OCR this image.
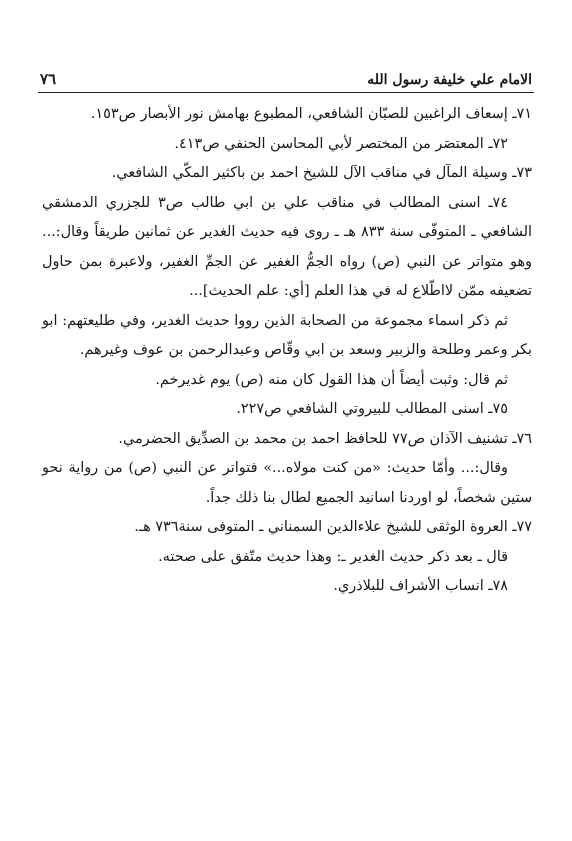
الامام علي خليفة رسول الله
٧٦

٧١ـ إسعاف الراغبين للصبّان الشافعي، المطبوع بهامش نور الأبصار ص١٥٣.

٧٢ـ المعتصَر من المختصر لأبي المحاسن الحنفي ص٤١٣.

٧٣ـ وسيلة المآل في مناقب الآل للشيخ احمد بن باكثير المكّي الشافعي.

٧٤ـ اسنى المطالب في مناقب علي بن ابي طالب ص٣ للجزري الدمشقي الشافعي ـ المتوفّى سنة ٨٣٣ هـ ـ روى فيه حديث الغدير عن ثمانين طريقاً وقال:... وهو متواتر عن النبي (ص) رواه الجمُّ الغفير عن الجمِّ الغفير، ولاعبرة بمن حاول تضعيفه ممّن لااطّلاع له في هذا العلم [أي: علم الحديث]...

ثم ذكر اسماء مجموعة من الصحابة الذين رووا حديث الغدير، وفي طليعتهم: ابو بكر وعمر وطلحة والزبير وسعد بن ابي وقّاص وعبدالرحمن بن عوف وغيرهم.

ثم قال: وثبت أيضاً أن هذا القول كان منه (ص) يوم غديرخم.

٧٥ـ اسنى المطالب للبيروتي الشافعي ص٢٢٧.

٧٦ـ تشنيف الآذان ص٧٧ للحافظ احمد بن محمد بن الصدِّيق الحضرمي.

وقال:... وأمّا حديث: «من كنت مولاه...» فتواتر عن النبي (ص) من رواية نحو ستين شخصاً، لو اوردنا اسانيد الجميع لطال بنا ذلك جداً.

٧٧ـ العروة الوثقى للشيخ علاءالدين السمناني ـ المتوفى سنة٧٣٦ هـ.

قال ـ بعد ذكر حديث الغدير ـ: وهذا حديث متّفق على صحته.

٧٨ـ انساب الأشراف للبلاذري.
